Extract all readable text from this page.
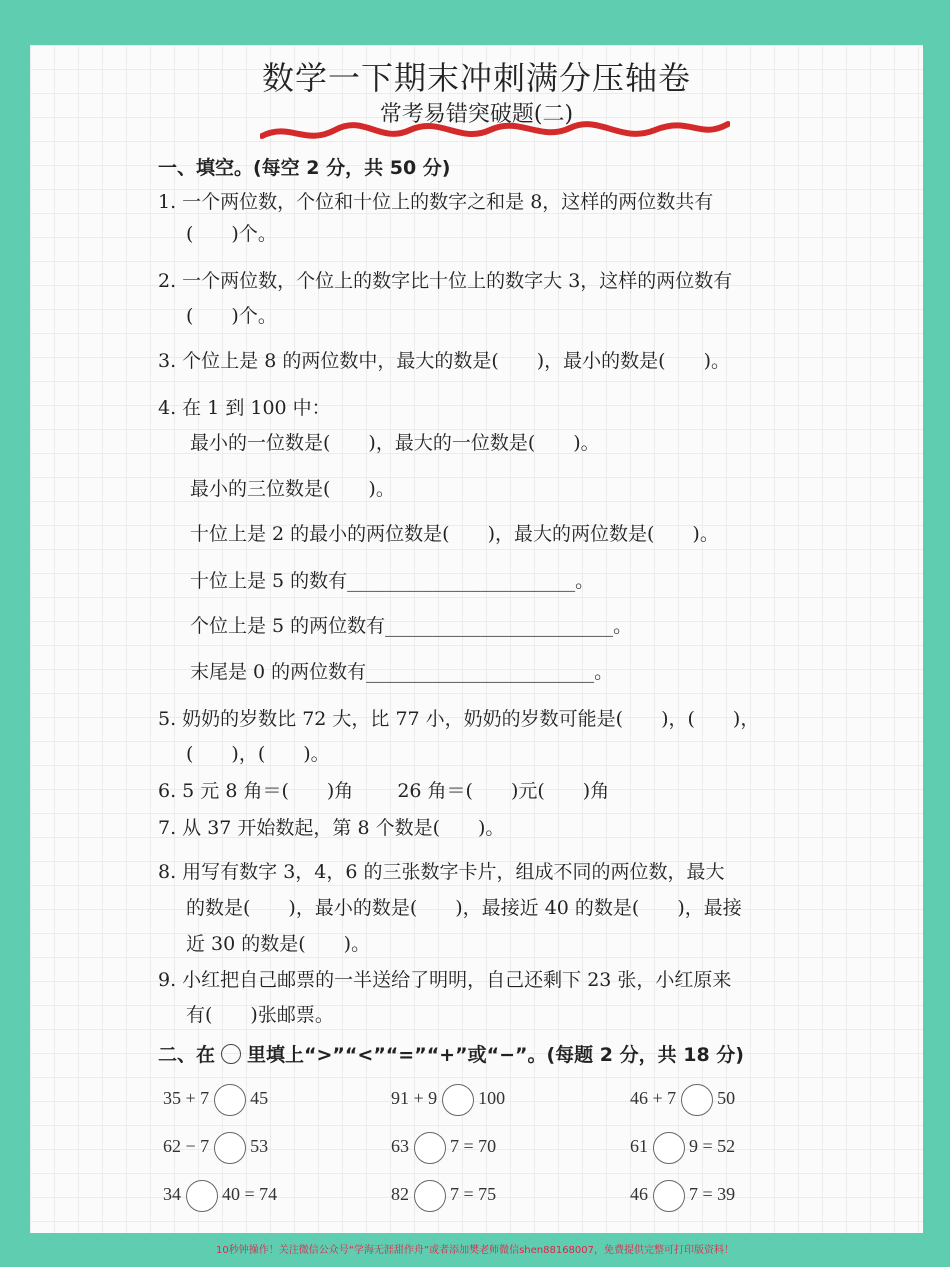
数学一下期末冲刺满分压轴卷
常考易错突破题(二)
一、填空。(每空 2 分，共 50 分)
1. 一个两位数，个位和十位上的数字之和是 8，这样的两位数共有
(　　)个。
2. 一个两位数，个位上的数字比十位上的数字大 3，这样的两位数有
(　　)个。
3. 个位上是 8 的两位数中，最大的数是(　　)，最小的数是(　　)。
4. 在 1 到 100 中：
最小的一位数是(　　)，最大的一位数是(　　)。
最小的三位数是(　　)。
十位上是 2 的最小的两位数是(　　)，最大的两位数是(　　)。
十位上是 5 的数有________________________。
个位上是 5 的两位数有________________________。
末尾是 0 的两位数有________________________。
5. 奶奶的岁数比 72 大，比 77 小，奶奶的岁数可能是(　　)，(　　)，
(　　)，(　　)。
6. 5 元 8 角＝(　　)角　　 26 角＝(　　)元(　　)角
7. 从 37 开始数起，第 8 个数是(　　)。
8. 用写有数字 3，4，6 的三张数字卡片，组成不同的两位数，最大
的数是(　　)，最小的数是(　　)，最接近 40 的数是(　　)，最接
近 30 的数是(　　)。
9. 小红把自己邮票的一半送给了明明，自己还剩下 23 张，小红原来
有(　　)张邮票。
二、在 里填上“>”“<”“=”“+”或“−”。(每题 2 分，共 18 分)
35 + 7 45	91 + 9 100	46 + 7 50
62 − 7 53	63 7 = 70	61 9 = 52
34 40 = 74	82 7 = 75	46 7 = 39
10秒钟操作！关注微信公众号“学海无涯甜作舟”或者添加樊老师微信shen88168007，免费提供完整可打印版资料！
